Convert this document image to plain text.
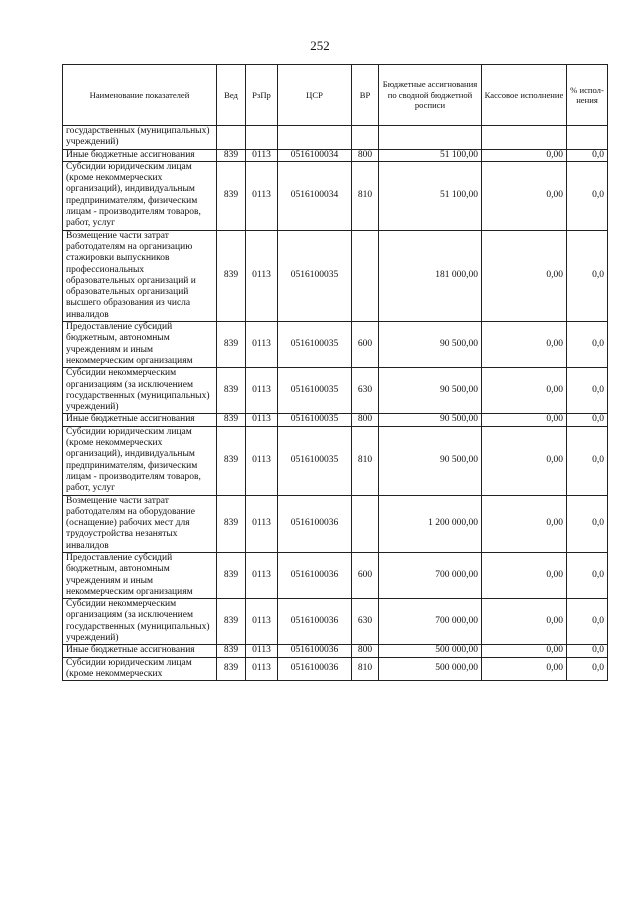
252
Наименование показателей	Вед	РзПр	ЦСР	ВР	Бюджетные ассигнования по сводной бюджетной росписи	Кассовое исполнение	% испол-нения
государственных (муниципальных) учреждений)							
Иные бюджетные ассигнования	839	0113	0516100034	800	51 100,00	0,00	0,0
Субсидии юридическим лицам (кроме некоммерческих организаций), индивидуальным предпринимателям, физическим лицам - производителям товаров, работ, услуг	839	0113	0516100034	810	51 100,00	0,00	0,0
Возмещение части затрат работодателям на организацию стажировки выпускников профессиональных образовательных организаций и образовательных организаций высшего образования из числа инвалидов	839	0113	0516100035		181 000,00	0,00	0,0
Предоставление субсидий бюджетным, автономным учреждениям и иным некоммерческим организациям	839	0113	0516100035	600	90 500,00	0,00	0,0
Субсидии некоммерческим организациям (за исключением государственных (муниципальных) учреждений)	839	0113	0516100035	630	90 500,00	0,00	0,0
Иные бюджетные ассигнования	839	0113	0516100035	800	90 500,00	0,00	0,0
Субсидии юридическим лицам (кроме некоммерческих организаций), индивидуальным предпринимателям, физическим лицам - производителям товаров, работ, услуг	839	0113	0516100035	810	90 500,00	0,00	0,0
Возмещение части затрат работодателям на оборудование (оснащение) рабочих мест для трудоустройства незанятых инвалидов	839	0113	0516100036		1 200 000,00	0,00	0,0
Предоставление субсидий бюджетным, автономным учреждениям и иным некоммерческим организациям	839	0113	0516100036	600	700 000,00	0,00	0,0
Субсидии некоммерческим организациям (за исключением государственных (муниципальных) учреждений)	839	0113	0516100036	630	700 000,00	0,00	0,0
Иные бюджетные ассигнования	839	0113	0516100036	800	500 000,00	0,00	0,0
Субсидии юридическим лицам (кроме некоммерческих	839	0113	0516100036	810	500 000,00	0,00	0,0
